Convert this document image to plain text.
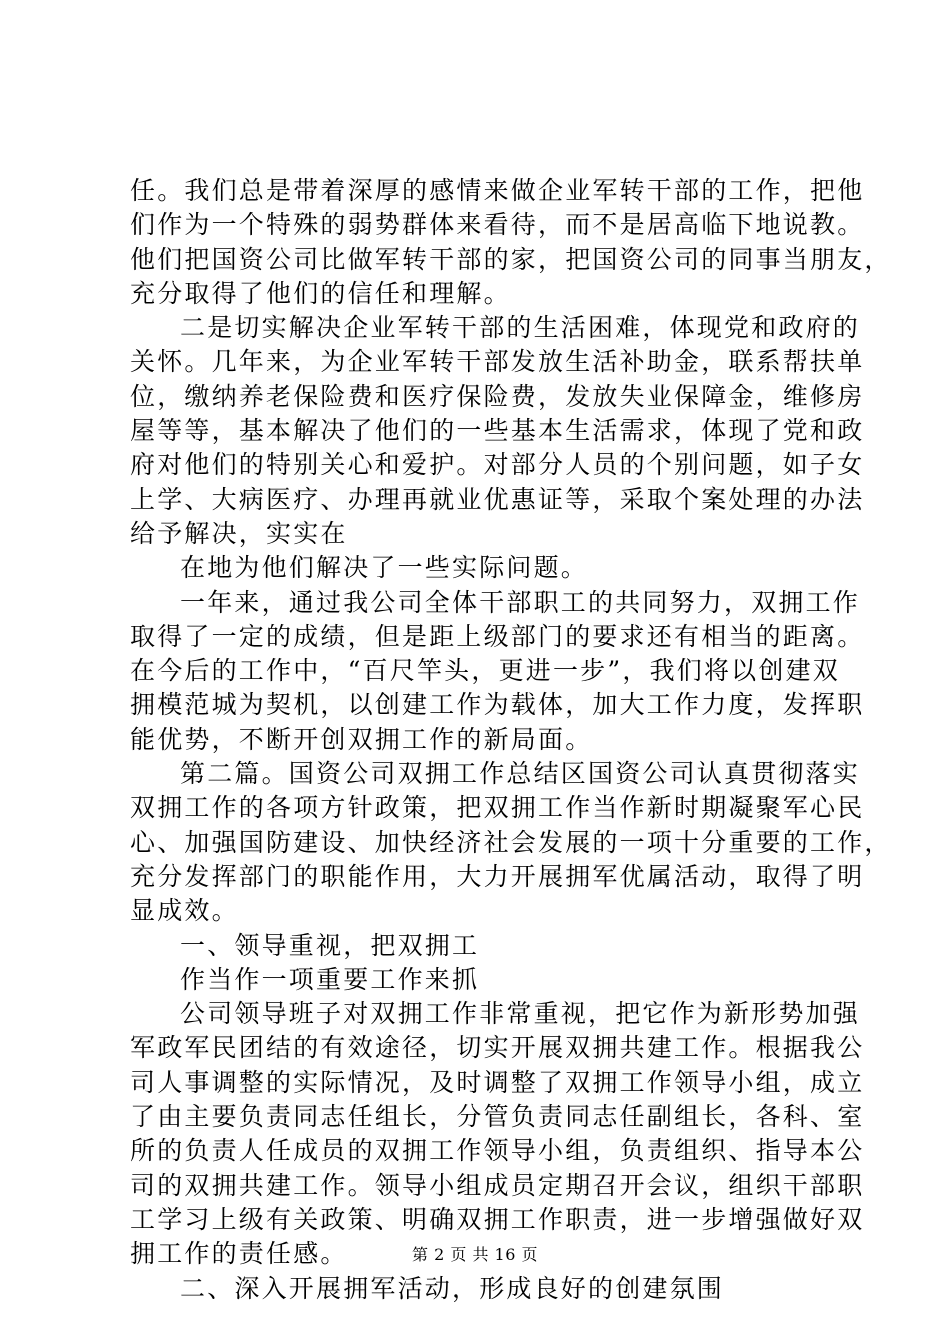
任。我们总是带着深厚的感情来做企业军转干部的工作，把他
们作为一个特殊的弱势群体来看待，而不是居高临下地说教。
他们把国资公司比做军转干部的家，把国资公司的同事当朋友，
充分取得了他们的信任和理解。
二是切实解决企业军转干部的生活困难，体现党和政府的
关怀。几年来，为企业军转干部发放生活补助金，联系帮扶单
位，缴纳养老保险费和医疗保险费，发放失业保障金，维修房
屋等等，基本解决了他们的一些基本生活需求，体现了党和政
府对他们的特别关心和爱护。对部分人员的个别问题，如子女
上学、大病医疗、办理再就业优惠证等，采取个案处理的办法
给予解决，实实在
在地为他们解决了一些实际问题。
一年来，通过我公司全体干部职工的共同努力，双拥工作
取得了一定的成绩，但是距上级部门的要求还有相当的距离。
在今后的工作中，“百尺竿头，更进一步”，我们将以创建双
拥模范城为契机，以创建工作为载体，加大工作力度，发挥职
能优势，不断开创双拥工作的新局面。
第二篇。国资公司双拥工作总结区国资公司认真贯彻落实
双拥工作的各项方针政策，把双拥工作当作新时期凝聚军心民
心、加强国防建设、加快经济社会发展的一项十分重要的工作，
充分发挥部门的职能作用，大力开展拥军优属活动，取得了明
显成效。
一、领导重视，把双拥工
作当作一项重要工作来抓
公司领导班子对双拥工作非常重视，把它作为新形势加强
军政军民团结的有效途径，切实开展双拥共建工作。根据我公
司人事调整的实际情况，及时调整了双拥工作领导小组，成立
了由主要负责同志任组长，分管负责同志任副组长，各科、室
所的负责人任成员的双拥工作领导小组，负责组织、指导本公
司的双拥共建工作。领导小组成员定期召开会议，组织干部职
工学习上级有关政策、明确双拥工作职责，进一步增强做好双
拥工作的责任感。
二、深入开展拥军活动，形成良好的创建氛围
第 2 页 共 16 页
